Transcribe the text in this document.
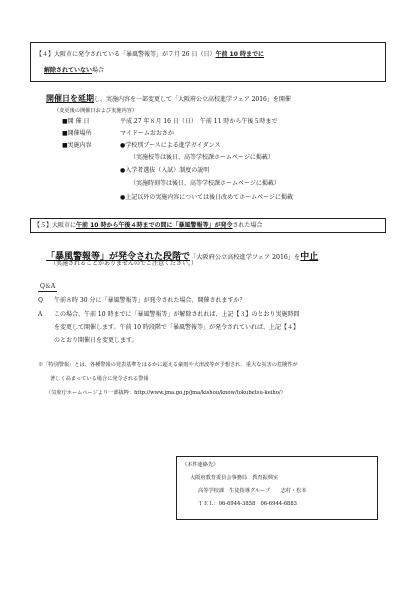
【４】大阪市に発令されている「暴風警報等」が７月 26 日（日）午前 10 時までに
解除されていない場合
開催日を延期し、実施内容を一部変更して「大阪府公立高校進学フェア 2016」を開催
（変更後の開催日および実施内容）
■開 催 日	平成 27 年８月 16 日（日）　午前 11 時から午後５時まで
■開催場所	マイドームおおさか
■実施内容	●学校別ブースによる進学ガイダンス
（実施校等は後日、高等学校課ホームページに掲載）
●入学者選抜（入試）制度の説明
（実施時刻等は後日、高等学校課ホームページに掲載）
●上記以外の実施内容については後日改めてホームページに掲載
【５】大阪市に午前 10 時から午後４時までの間に「暴風警報等」が発令された場合
「暴風警報等」が発令された段階で「大阪府公立高校進学フェア 2016」を中止
（実施されることがありませんのでご注意ください。）
Q＆A
Q 午前８時 30 分に「暴風警報等」が発令された場合、開催されますか？
A この場合、午前 10 時までに「暴風警報等」が解除されれば、上記【３】のとおり実施時間
を変更して開催します。午前 10 時段階で「暴風警報等」が発令されていれば、上記【４】
のとおり開催日を変更します。
※「特別警報」とは、各種警報の発表基準をはるかに超える豪雨や大津波等が予想され、重大な災害の危険性が
著しく高まっている場合に発令される警報
（気象庁ホームページより一部抜粋：http://www.jma.go.jp/jma/kishou/know/tokubetsu-keiho/）
《本件連絡先》
大阪府教育委員会事務局　教育振興室
高等学校課　生徒指導グループ　　志村・松本
ＴＥＬ：06-6944-3858　06-6944-6883
